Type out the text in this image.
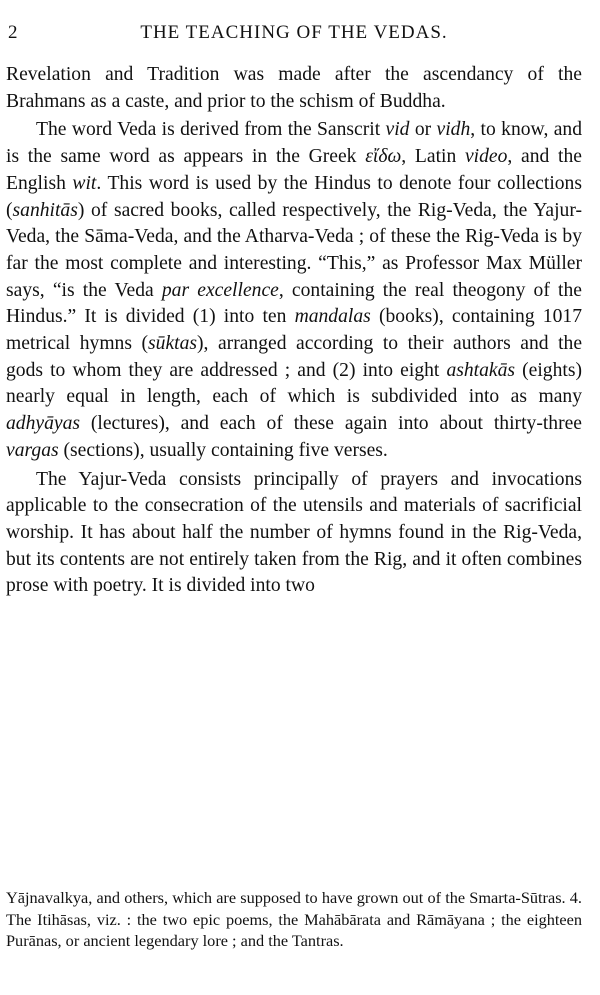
2	THE TEACHING OF THE VEDAS.

Revelation and Tradition was made after the ascendancy of the Brahmans as a caste, and prior to the schism of Buddha.

The word Veda is derived from the Sanscrit vid or vidh, to know, and is the same word as appears in the Greek εἴδω, Latin video, and the English wit. This word is used by the Hindus to denote four collections (sanhitās) of sacred books, called respectively, the Rig-Veda, the Yajur-Veda, the Sāma-Veda, and the Atharva-Veda ; of these the Rig-Veda is by far the most complete and interesting. “This,” as Professor Max Müller says, “is the Veda par excellence, containing the real theogony of the Hindus.” It is divided (1) into ten mandalas (books), containing 1017 metrical hymns (sūktas), arranged according to their authors and the gods to whom they are addressed ; and (2) into eight ashtakās (eights) nearly equal in length, each of which is subdivided into as many adhyāyas (lectures), and each of these again into about thirty-three vargas (sections), usually containing five verses.

The Yajur-Veda consists principally of prayers and invocations applicable to the consecration of the utensils and materials of sacrificial worship. It has about half the number of hymns found in the Rig-Veda, but its contents are not entirely taken from the Rig, and it often combines prose with poetry. It is divided into two

Yājnavalkya, and others, which are supposed to have grown out of the Smarta-Sūtras. 4. The Itihāsas, viz. : the two epic poems, the Mahābārata and Rāmāyana ; the eighteen Purānas, or ancient legendary lore ; and the Tantras.
